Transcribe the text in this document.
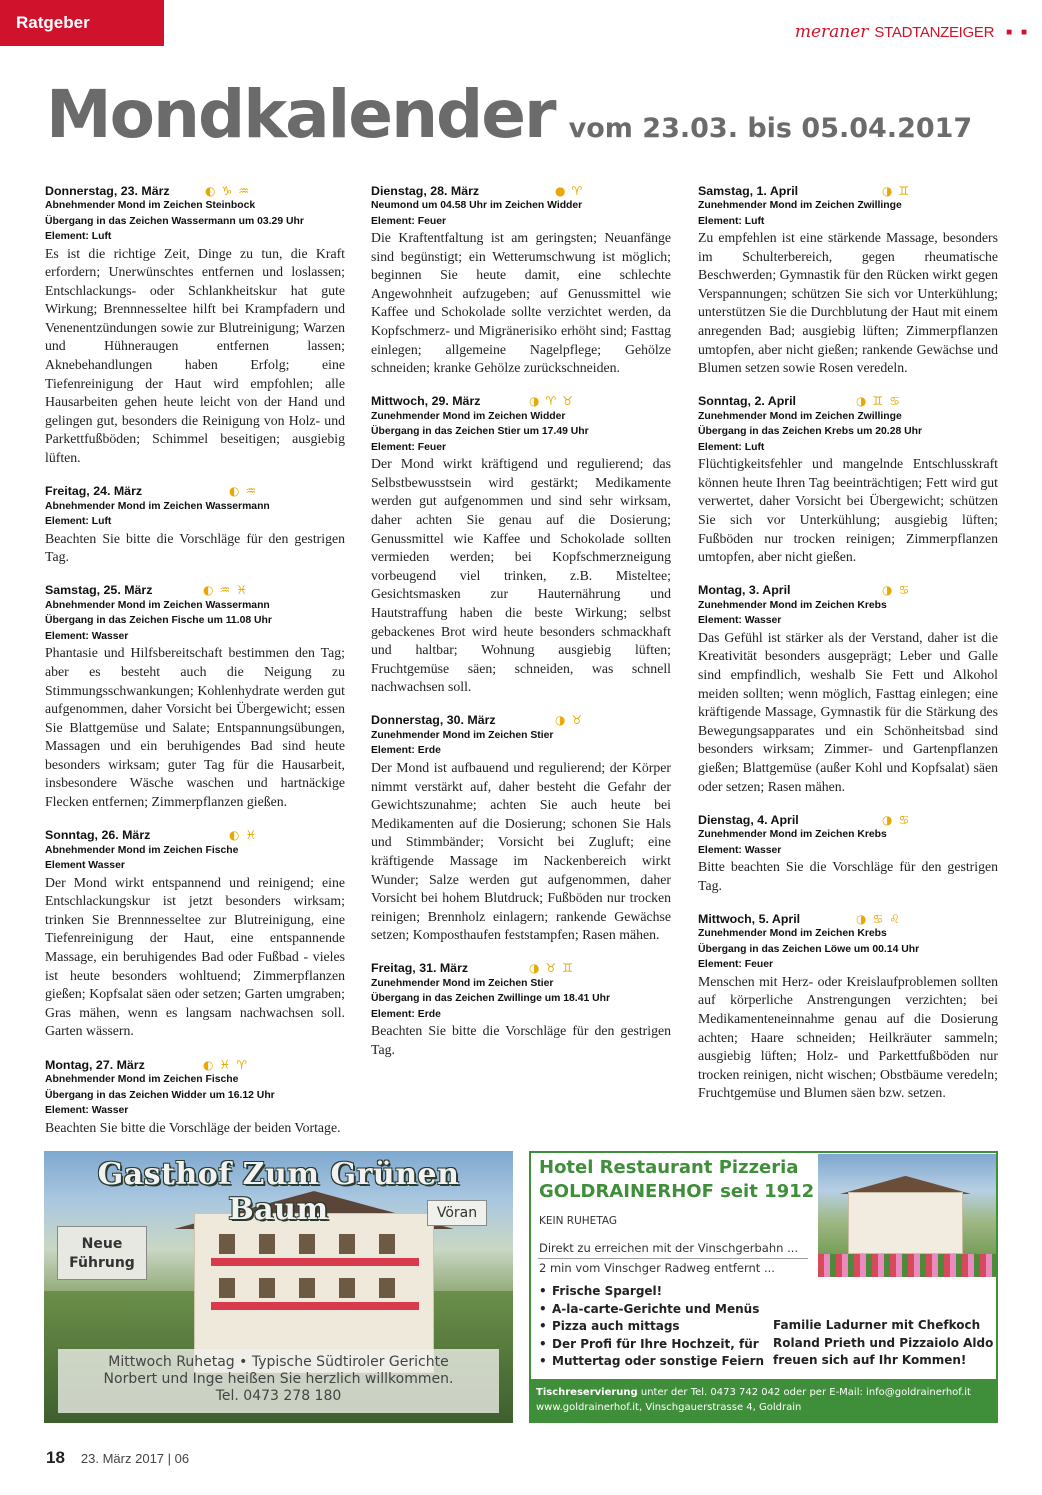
Ratgeber	meraner STADTANZEIGER ■ ■
Mondkalender vom 23.03. bis 05.04.2017
Donnerstag, 23. März	◐ ♑ ♒
Abnehmender Mond im Zeichen Steinbock
Übergang in das Zeichen Wassermann um 03.29 Uhr
Element: Luft
Es ist die richtige Zeit, Dinge zu tun, die Kraft erfordern; Unerwünschtes entfernen und loslassen; Entschlackungs- oder Schlankheitskur hat gute Wirkung; Brennnesseltee hilft bei Krampfadern und Venenentzündungen sowie zur Blutreinigung; Warzen und Hühneraugen entfernen lassen; Aknebehandlungen haben Erfolg; eine Tiefenreinigung der Haut wird empfohlen; alle Hausarbeiten gehen heute leicht von der Hand und gelingen gut, besonders die Reinigung von Holz- und Parkettfußböden; Schimmel beseitigen; ausgiebig lüften.
Freitag, 24. März	◐ ♒
Abnehmender Mond im Zeichen Wassermann
Element: Luft
Beachten Sie bitte die Vorschläge für den gestrigen Tag.
Samstag, 25. März	◐ ♒ ♓
Abnehmender Mond im Zeichen Wassermann
Übergang in das Zeichen Fische um 11.08 Uhr
Element: Wasser
Phantasie und Hilfsbereitschaft bestimmen den Tag; aber es besteht auch die Neigung zu Stimmungsschwankungen; Kohlenhydrate werden gut aufgenommen, daher Vorsicht bei Übergewicht; essen Sie Blattgemüse und Salate; Entspannungsübungen, Massagen und ein beruhigendes Bad sind heute besonders wirksam; guter Tag für die Hausarbeit, insbesondere Wäsche waschen und hartnäckige Flecken entfernen; Zimmerpflanzen gießen.
Sonntag, 26. März	◐ ♓
Abnehmender Mond im Zeichen Fische
Element Wasser
Der Mond wirkt entspannend und reinigend; eine Entschlackungskur ist jetzt besonders wirksam; trinken Sie Brennnesseltee zur Blutreinigung, eine Tiefenreinigung der Haut, eine entspannende Massage, ein beruhigendes Bad oder Fußbad - vieles ist heute besonders wohltuend; Zimmerpflanzen gießen; Kopfsalat säen oder setzen; Garten umgraben; Gras mähen, wenn es langsam nachwachsen soll. Garten wässern.
Montag, 27. März	◐ ♓ ♈
Abnehmender Mond im Zeichen Fische
Übergang in das Zeichen Widder um 16.12 Uhr
Element: Wasser
Beachten Sie bitte die Vorschläge der beiden Vortage.
Dienstag, 28. März	● ♈
Neumond um 04.58 Uhr im Zeichen Widder
Element: Feuer
Die Kraftentfaltung ist am geringsten; Neuanfänge sind begünstigt; ein Wetterumschwung ist möglich; beginnen Sie heute damit, eine schlechte Angewohnheit aufzugeben; auf Genussmittel wie Kaffee und Schokolade sollte verzichtet werden, da Kopfschmerz- und Migränerisiko erhöht sind; Fasttag einlegen; allgemeine Nagelpflege; Gehölze schneiden; kranke Gehölze zurückschneiden.
Mittwoch, 29. März	◑ ♈ ♉
Zunehmender Mond im Zeichen Widder
Übergang in das Zeichen Stier um 17.49 Uhr
Element: Feuer
Der Mond wirkt kräftigend und regulierend; das Selbstbewusstsein wird gestärkt; Medikamente werden gut aufgenommen und sind sehr wirksam, daher achten Sie genau auf die Dosierung; Genussmittel wie Kaffee und Schokolade sollten vermieden werden; bei Kopfschmerzneigung vorbeugend viel trinken, z.B. Misteltee; Gesichtsmasken zur Hauternährung und Hautstraffung haben die beste Wirkung; selbst gebackenes Brot wird heute besonders schmackhaft und haltbar; Wohnung ausgiebig lüften; Fruchtgemüse säen; schneiden, was schnell nachwachsen soll.
Donnerstag, 30. März	◑ ♉
Zunehmender Mond im Zeichen Stier
Element: Erde
Der Mond ist aufbauend und regulierend; der Körper nimmt verstärkt auf, daher besteht die Gefahr der Gewichtszunahme; achten Sie auch heute bei Medikamenten auf die Dosierung; schonen Sie Hals und Stimmbänder; Vorsicht bei Zugluft; eine kräftigende Massage im Nackenbereich wirkt Wunder; Salze werden gut aufgenommen, daher Vorsicht bei hohem Blutdruck; Fußböden nur trocken reinigen; Brennholz einlagern; rankende Gewächse setzen; Komposthaufen feststampfen; Rasen mähen.
Freitag, 31. März	◑ ♉ ♊
Zunehmender Mond im Zeichen Stier
Übergang in das Zeichen Zwillinge um 18.41 Uhr
Element: Erde
Beachten Sie bitte die Vorschläge für den gestrigen Tag.
Samstag, 1. April	◑ ♊
Zunehmender Mond im Zeichen Zwillinge
Element: Luft
Zu empfehlen ist eine stärkende Massage, besonders im Schulterbereich, gegen rheumatische Beschwerden; Gymnastik für den Rücken wirkt gegen Verspannungen; schützen Sie sich vor Unterkühlung; unterstützen Sie die Durchblutung der Haut mit einem anregenden Bad; ausgiebig lüften; Zimmerpflanzen umtopfen, aber nicht gießen; rankende Gewächse und Blumen setzen sowie Rosen veredeln.
Sonntag, 2. April	◑ ♊ ♋
Zunehmender Mond im Zeichen Zwillinge
Übergang in das Zeichen Krebs um 20.28 Uhr
Element: Luft
Flüchtigkeitsfehler und mangelnde Entschlusskraft können heute Ihren Tag beeinträchtigen; Fett wird gut verwertet, daher Vorsicht bei Übergewicht; schützen Sie sich vor Unterkühlung; ausgiebig lüften; Fußböden nur trocken reinigen; Zimmerpflanzen umtopfen, aber nicht gießen.
Montag, 3. April	◑ ♋
Zunehmender Mond im Zeichen Krebs
Element: Wasser
Das Gefühl ist stärker als der Verstand, daher ist die Kreativität besonders ausgeprägt; Leber und Galle sind empfindlich, weshalb Sie Fett und Alkohol meiden sollten; wenn möglich, Fasttag einlegen; eine kräftigende Massage, Gymnastik für die Stärkung des Bewegungsapparates und ein Schönheitsbad sind besonders wirksam; Zimmer- und Gartenpflanzen gießen; Blattgemüse (außer Kohl und Kopfsalat) säen oder setzen; Rasen mähen.
Dienstag, 4. April	◑ ♋
Zunehmender Mond im Zeichen Krebs
Element: Wasser
Bitte beachten Sie die Vorschläge für den gestrigen Tag.
Mittwoch, 5. April	◑ ♋ ♌
Zunehmender Mond im Zeichen Krebs
Übergang in das Zeichen Löwe um 00.14 Uhr
Element: Feuer
Menschen mit Herz- oder Kreislaufproblemen sollten auf körperliche Anstrengungen verzichten; bei Medikamenteneinnahme genau auf die Dosierung achten; Haare schneiden; Heilkräuter sammeln; ausgiebig lüften; Holz- und Parkettfußböden nur trocken reinigen, nicht wischen; Obstbäume veredeln; Fruchtgemüse und Blumen säen bzw. setzen.
Gasthof Zum Grünen Baum	Vöran
Neue
Führung
Mittwoch Ruhetag • Typische Südtiroler Gerichte
Norbert und Inge heißen Sie herzlich willkommen.
Tel. 0473 278 180
Hotel Restaurant Pizzeria
GOLDRAINERHOF seit 1912
KEIN RUHETAG
Direkt zu erreichen mit der Vinschgerbahn ...
2 min vom Vinschger Radweg entfernt ...
• Frische Spargel!
• A-la-carte-Gerichte und Menüs
• Pizza auch mittags
• Der Profi für Ihre Hochzeit, für
• Muttertag oder sonstige Feiern
Familie Ladurner mit Chefkoch
Roland Prieth und Pizzaiolo Aldo
freuen sich auf Ihr Kommen!
Tischreservierung unter der Tel. 0473 742 042 oder per E-Mail: info@goldrainerhof.it
www.goldrainerhof.it, Vinschgauerstrasse 4, Goldrain
18 23. März 2017 | 06
